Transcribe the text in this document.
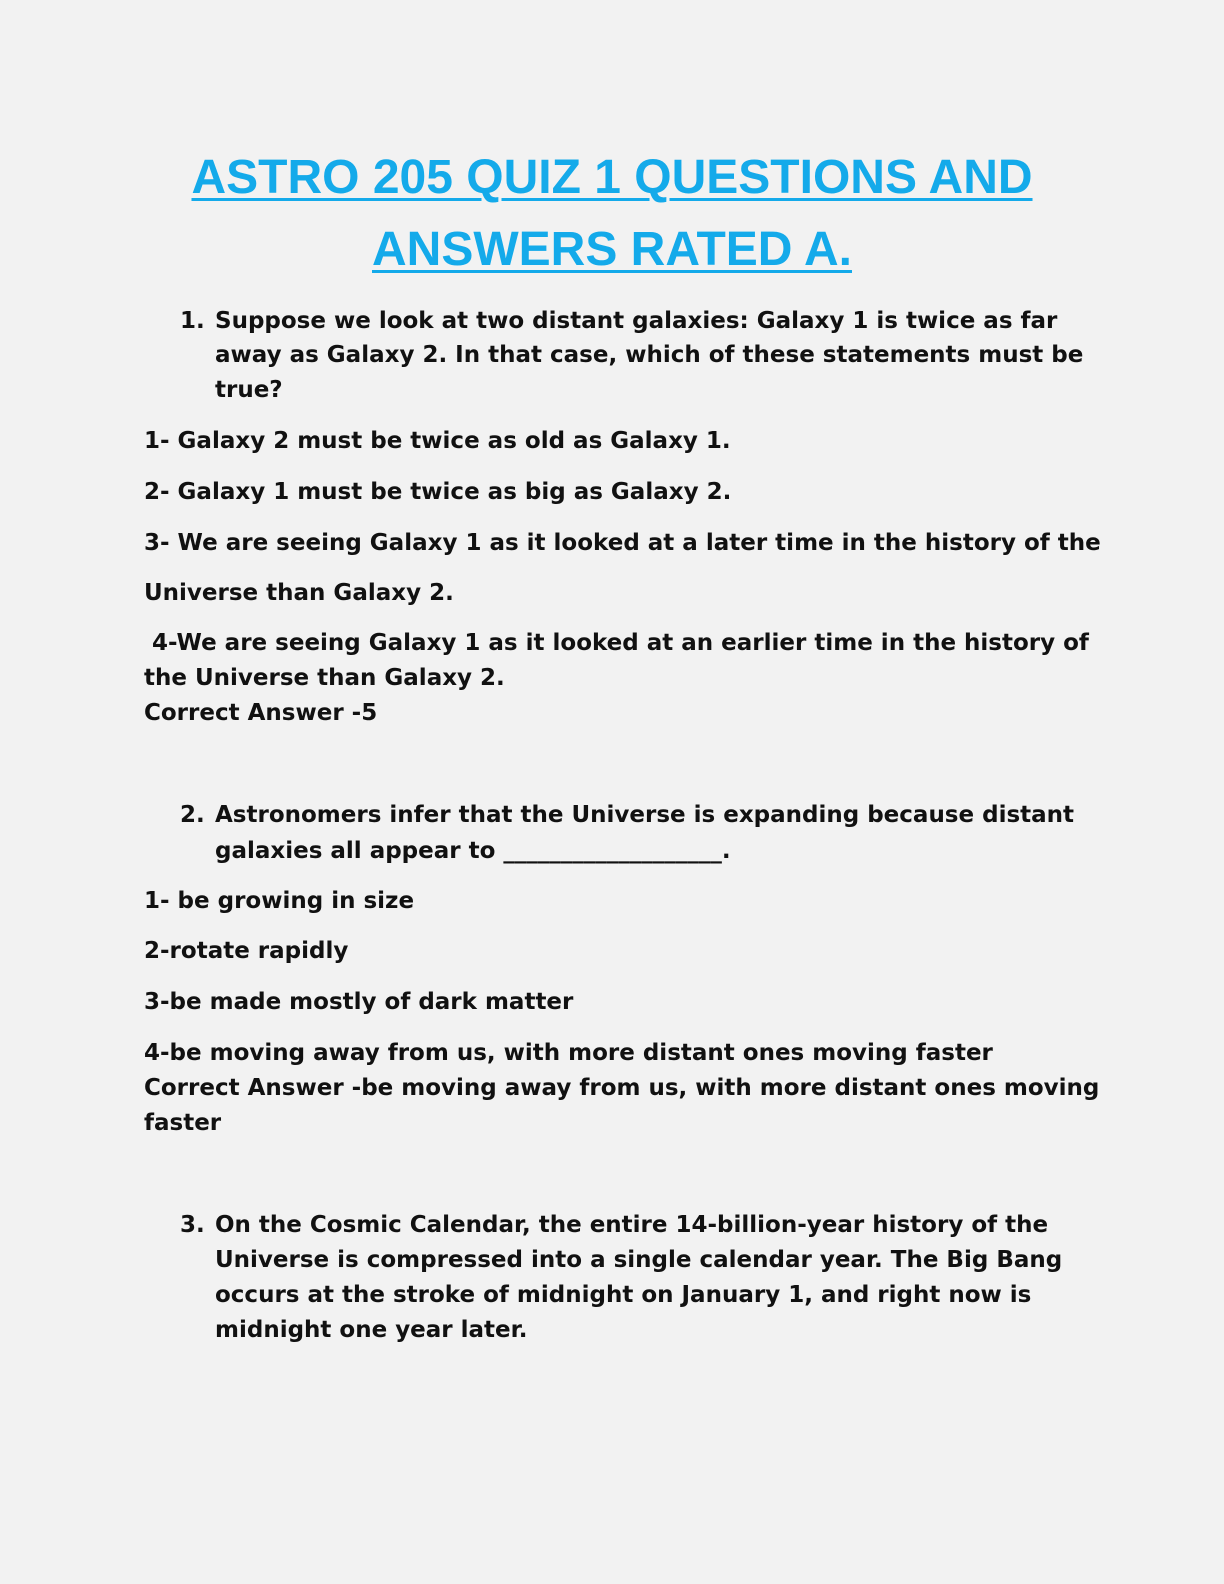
ASTRO 205 QUIZ 1 QUESTIONS AND
ANSWERS RATED A.
1. Suppose we look at two distant galaxies: Galaxy 1 is twice as far

away as Galaxy 2. In that case, which of these statements must be

true?

1- Galaxy 2 must be twice as old as Galaxy 1.

2- Galaxy 1 must be twice as big as Galaxy 2.

3- We are seeing Galaxy 1 as it looked at a later time in the history of the

Universe than Galaxy 2.

4-We are seeing Galaxy 1 as it looked at an earlier time in the history of

the Universe than Galaxy 2.

Correct Answer -5

2. Astronomers infer that the Universe is expanding because distant

galaxies all appear to ___________________.

1- be growing in size

2-rotate rapidly

3-be made mostly of dark matter

4-be moving away from us, with more distant ones moving faster

Correct Answer -be moving away from us, with more distant ones moving

faster

3. On the Cosmic Calendar, the entire 14-billion-year history of the

Universe is compressed into a single calendar year. The Big Bang

occurs at the stroke of midnight on January 1, and right now is

midnight one year later.
